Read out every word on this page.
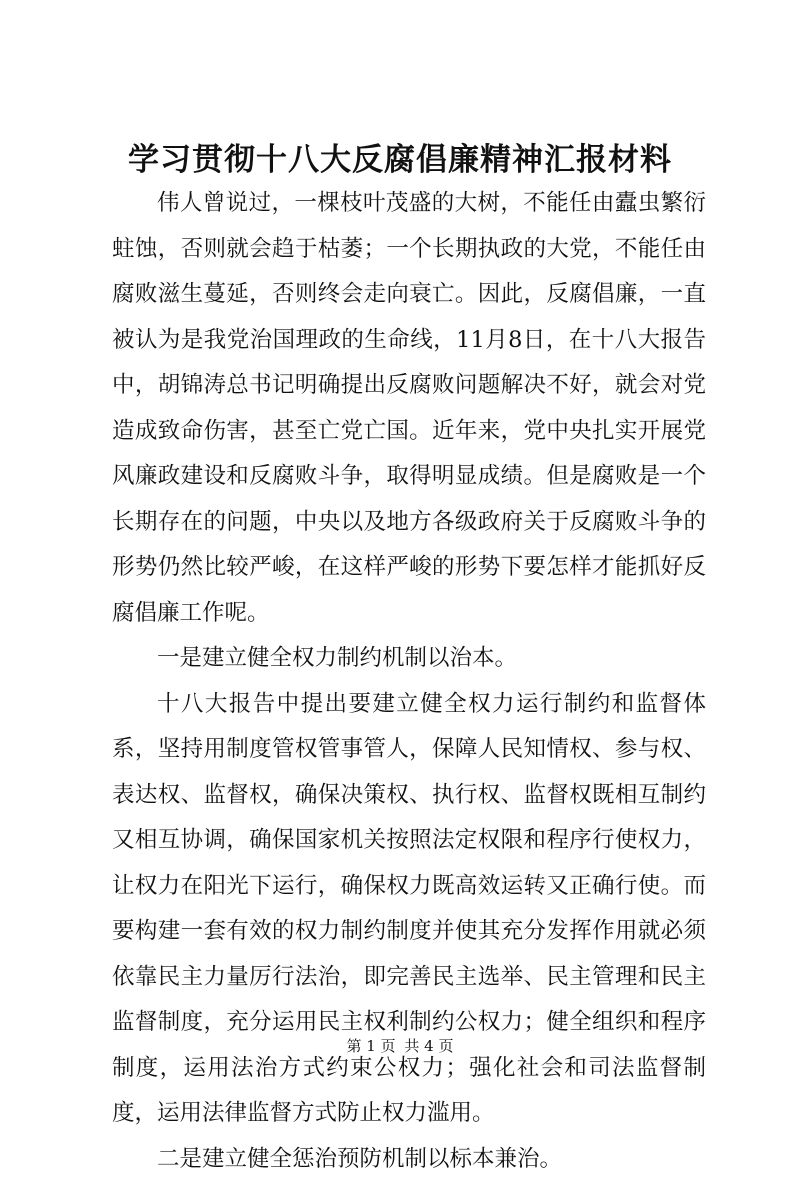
学习贯彻十八大反腐倡廉精神汇报材料

伟人曾说过，一棵枝叶茂盛的大树，不能任由蠹虫繁衍蛀蚀，否则就会趋于枯萎；一个长期执政的大党，不能任由腐败滋生蔓延，否则终会走向衰亡。因此，反腐倡廉，一直被认为是我党治国理政的生命线，11月8日，在十八大报告中，胡锦涛总书记明确提出反腐败问题解决不好，就会对党造成致命伤害，甚至亡党亡国。近年来，党中央扎实开展党风廉政建设和反腐败斗争，取得明显成绩。但是腐败是一个长期存在的问题，中央以及地方各级政府关于反腐败斗争的形势仍然比较严峻，在这样严峻的形势下要怎样才能抓好反腐倡廉工作呢。

一是建立健全权力制约机制以治本。

十八大报告中提出要建立健全权力运行制约和监督体系，坚持用制度管权管事管人，保障人民知情权、参与权、表达权、监督权，确保决策权、执行权、监督权既相互制约又相互协调，确保国家机关按照法定权限和程序行使权力，让权力在阳光下运行，确保权力既高效运转又正确行使。而要构建一套有效的权力制约制度并使其充分发挥作用就必须依靠民主力量厉行法治，即完善民主选举、民主管理和民主监督制度，充分运用民主权利制约公权力；健全组织和程序制度，运用法治方式约束公权力；强化社会和司法监督制度，运用法律监督方式防止权力滥用。

二是建立健全惩治预防机制以标本兼治。

第 1 页 共 4 页
